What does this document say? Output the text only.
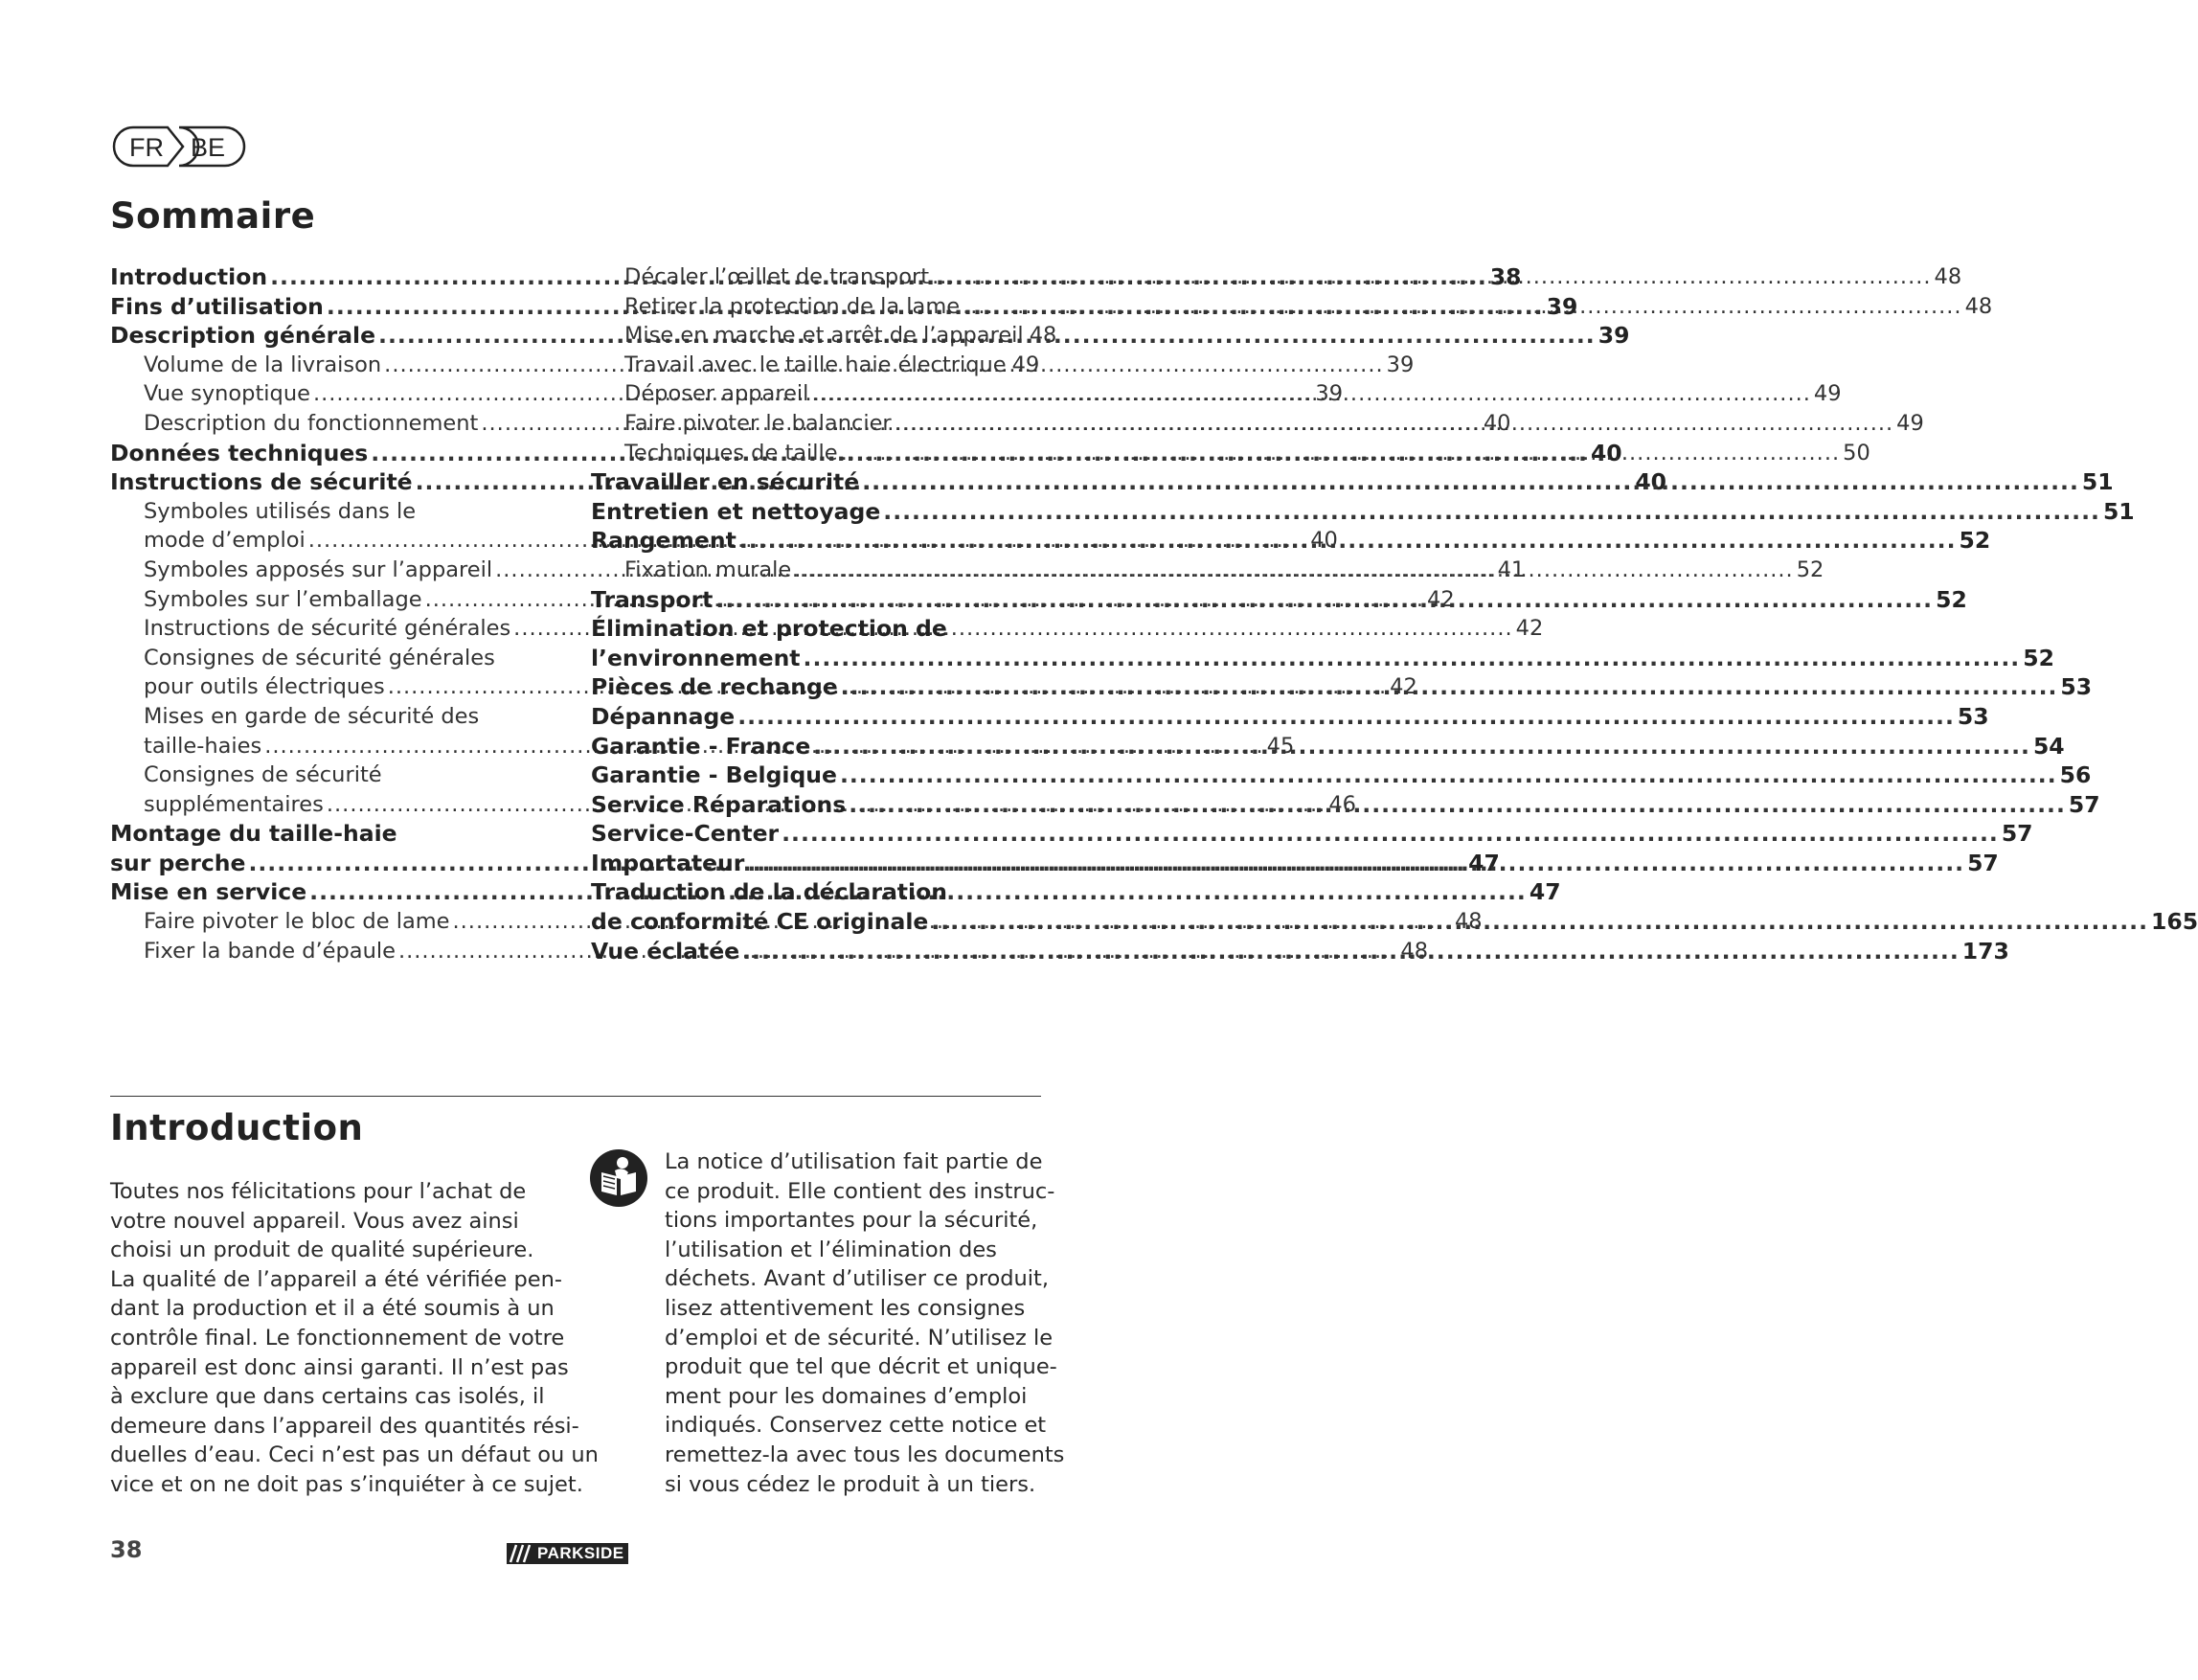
FR BE
Sommaire
Introduction .....	38
Fins d’utilisation .....	39
Description générale .....	39
Volume de la livraison .....	39
Vue synoptique .....	39
Description du fonctionnement .....	40
Données techniques .....	40
Instructions de sécurité .....	40
Symboles utilisés dans le
mode d’emploi .....	40
Symboles apposés sur l’appareil .....	41
Symboles sur l’emballage .....	42
Instructions de sécurité générales .....	42
Consignes de sécurité générales
pour outils électriques .....	42
Mises en garde de sécurité des
taille-haies .....	45
Consignes de sécurité
supplémentaires .....	46
Montage du taille-haie
sur perche .....	47
Mise en service .....	47
Faire pivoter le bloc de lame .....	48
Fixer la bande d’épaule .....	48
Décaler l’œillet de transport .....	48
Retirer la protection de la lame .....	48
Mise en marche et arrêt de l’appareil 48
Travail avec le taille haie électrique 49
Déposer appareil .....	49
Faire pivoter le balancier .....	49
Techniques de taille .....	50
Travailler en sécurité .....	51
Entretien et nettoyage .....	51
Rangement .....	52
Fixation murale .....	52
Transport .....	52
Élimination et protection de
l’environnement .....	52
Pièces de rechange .....	53
Dépannage .....	53
Garantie - France .....	54
Garantie - Belgique .....	56
Service Réparations .....	57
Service-Center .....	57
Importateur .....	57
Traduction de la déclaration
de conformité CE originale .....	165
Vue éclatée .....	173
Introduction

Toutes nos félicitations pour l’achat de
votre nouvel appareil. Vous avez ainsi
choisi un produit de qualité supérieure.
La qualité de l’appareil a été vérifiée pen-
dant la production et il a été soumis à un
contrôle final. Le fonctionnement de votre
appareil est donc ainsi garanti. Il n’est pas
à exclure que dans certains cas isolés, il
demeure dans l’appareil des quantités rési-
duelles d’eau. Ceci n’est pas un défaut ou un
vice et on ne doit pas s’inquiéter à ce sujet.

La notice d’utilisation fait partie de
ce produit. Elle contient des instruc-
tions importantes pour la sécurité,
l’utilisation et l’élimination des
déchets. Avant d’utiliser ce produit,
lisez attentivement les consignes
d’emploi et de sécurité. N’utilisez le
produit que tel que décrit et unique-
ment pour les domaines d’emploi
indiqués. Conservez cette notice et
remettez-la avec tous les documents
si vous cédez le produit à un tiers.

38	PARKSIDE
